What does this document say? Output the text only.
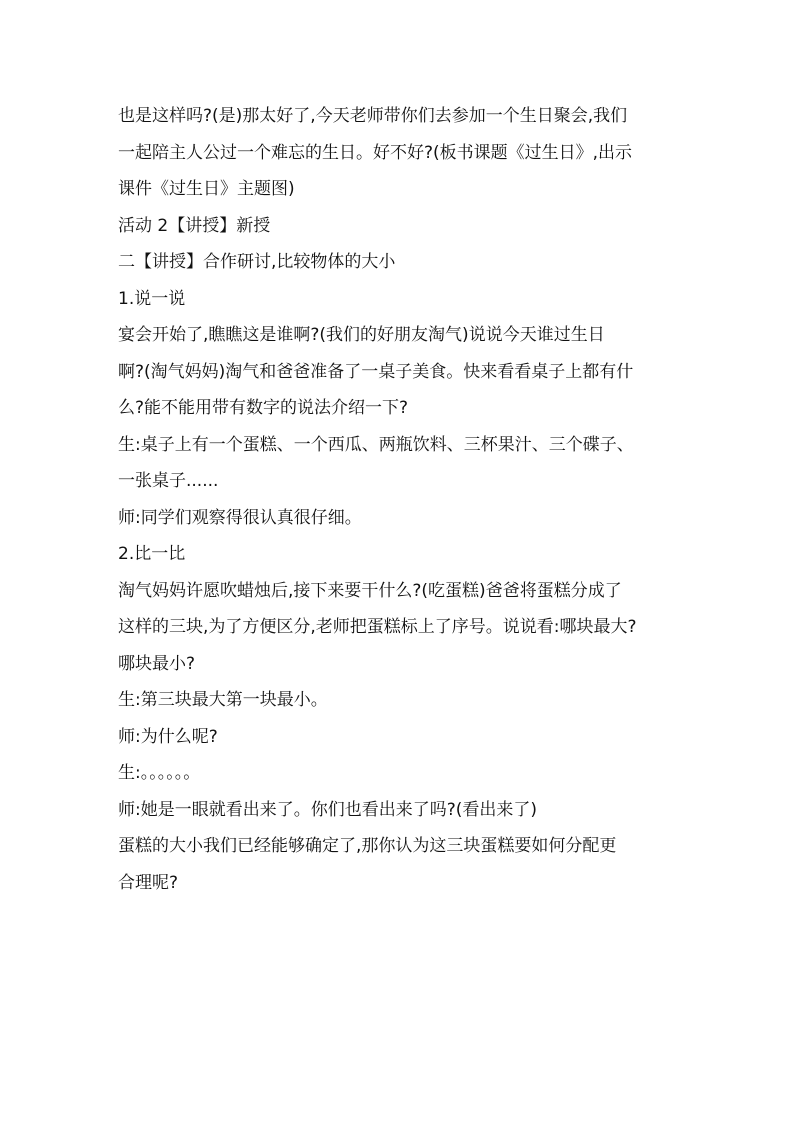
也是这样吗?(是)那太好了,今天老师带你们去参加一个生日聚会,我们
一起陪主人公过一个难忘的生日。好不好?(板书课题《过生日》,出示
课件《过生日》主题图)
活动 2【讲授】新授
二【讲授】合作研讨,比较物体的大小
1.说一说
宴会开始了,瞧瞧这是谁啊?(我们的好朋友淘气)说说今天谁过生日
啊?(淘气妈妈)淘气和爸爸准备了一桌子美食。快来看看桌子上都有什
么?能不能用带有数字的说法介绍一下?
生:桌子上有一个蛋糕、一个西瓜、两瓶饮料、三杯果汁、三个碟子、
一张桌子......
师:同学们观察得很认真很仔细。
2.比一比
淘气妈妈许愿吹蜡烛后,接下来要干什么?(吃蛋糕)爸爸将蛋糕分成了
这样的三块,为了方便区分,老师把蛋糕标上了序号。说说看:哪块最大?
哪块最小?
生:第三块最大第一块最小。
师:为什么呢?
生:。。。。。。
师:她是一眼就看出来了。你们也看出来了吗?(看出来了)
蛋糕的大小我们已经能够确定了,那你认为这三块蛋糕要如何分配更
合理呢?
